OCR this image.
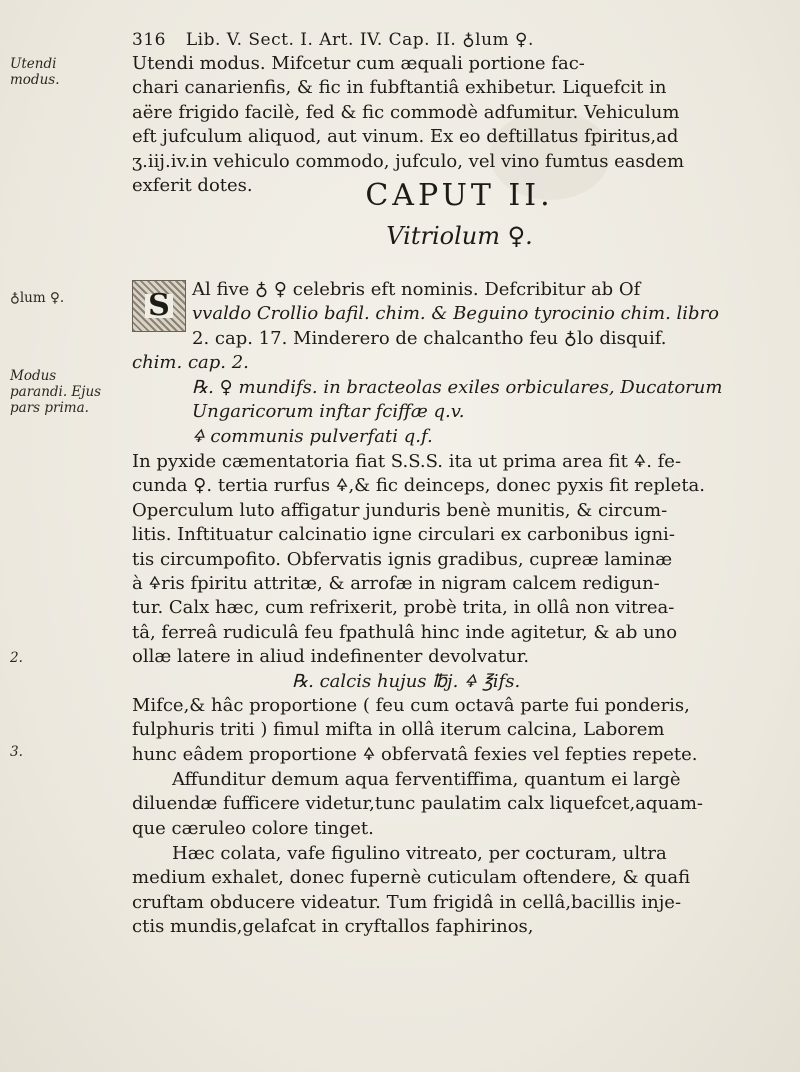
316 Lib. V. Sect. I. Art. IV. Cap. II. ♁lum ♀.
Utendi modus.
♁lum ♀.
Modus parandi. Ejus pars prima.
2.
3.

Utendi modus. Mifcetur cum æquali portione fac-

chari canarienfis, & fic in fubftantiâ exhibetur. Liquefcit in

aëre frigido facilè, fed & fic commodè adfumitur. Vehiculum

eft jufculum aliquod, aut vinum. Ex eo deftillatus fpiritus,ad

ʒ.iij.iv.in vehiculo commodo, jufculo, vel vino fumtus easdem

exferit dotes.	CAPUT II.
Vitriolum ♀.
S	Al five ♁ ♀ celebris eft nominis. Defcribitur ab Of

vvaldo Crollio bafil. chim. & Beguino tyrocinio chim. libro

2. cap. 17. Minderero de chalcantho feu ♁lo disquif.

chim. cap. 2.

℞. ♀ mundifs. in bracteolas exiles orbiculares, Ducatorum

Ungaricorum inftar fciffæ q.v.

🜍 communis pulverfati q.f.

In pyxide cæmentatoria fiat S.S.S. ita ut prima area fit 🜍. fe-

cunda ♀. tertia rurfus 🜍,& fic deinceps, donec pyxis fit repleta.

Operculum luto affigatur junduris benè munitis, & circum-

litis. Inftituatur calcinatio igne circulari ex carbonibus igni-

tis circumpofito. Obfervatis ignis gradibus, cupreæ laminæ

à 🜍ris fpiritu attritæ, & arrofæ in nigram calcem redigun-

tur. Calx hæc, cum refrixerit, probè trita, in ollâ non vitrea-

tâ, ferreâ rudiculâ feu fpathulâ hinc inde agitetur, & ab uno

ollæ latere in aliud indefinenter devolvatur.

℞. calcis hujus ℔j. 🜍 ℥ifs.

Mifce,& hâc proportione ( feu cum octavâ parte fui ponderis,

fulphuris triti ) fimul mifta in ollâ iterum calcina, Laborem

hunc eâdem proportione 🜍 obfervatâ fexies vel fepties repete.

Affunditur demum aqua ferventiffima, quantum ei largè

diluendæ fufficere videtur,tunc paulatim calx liquefcet,aquam-

que cæruleo colore tinget.

Hæc colata, vafe figulino vitreato, per cocturam, ultra

medium exhalet, donec fupernè cuticulam oftendere, & quafi

cruftam obducere videatur. Tum frigidâ in cellâ,bacillis inje-

ctis mundis,gelafcat in cryftallos faphirinos,
